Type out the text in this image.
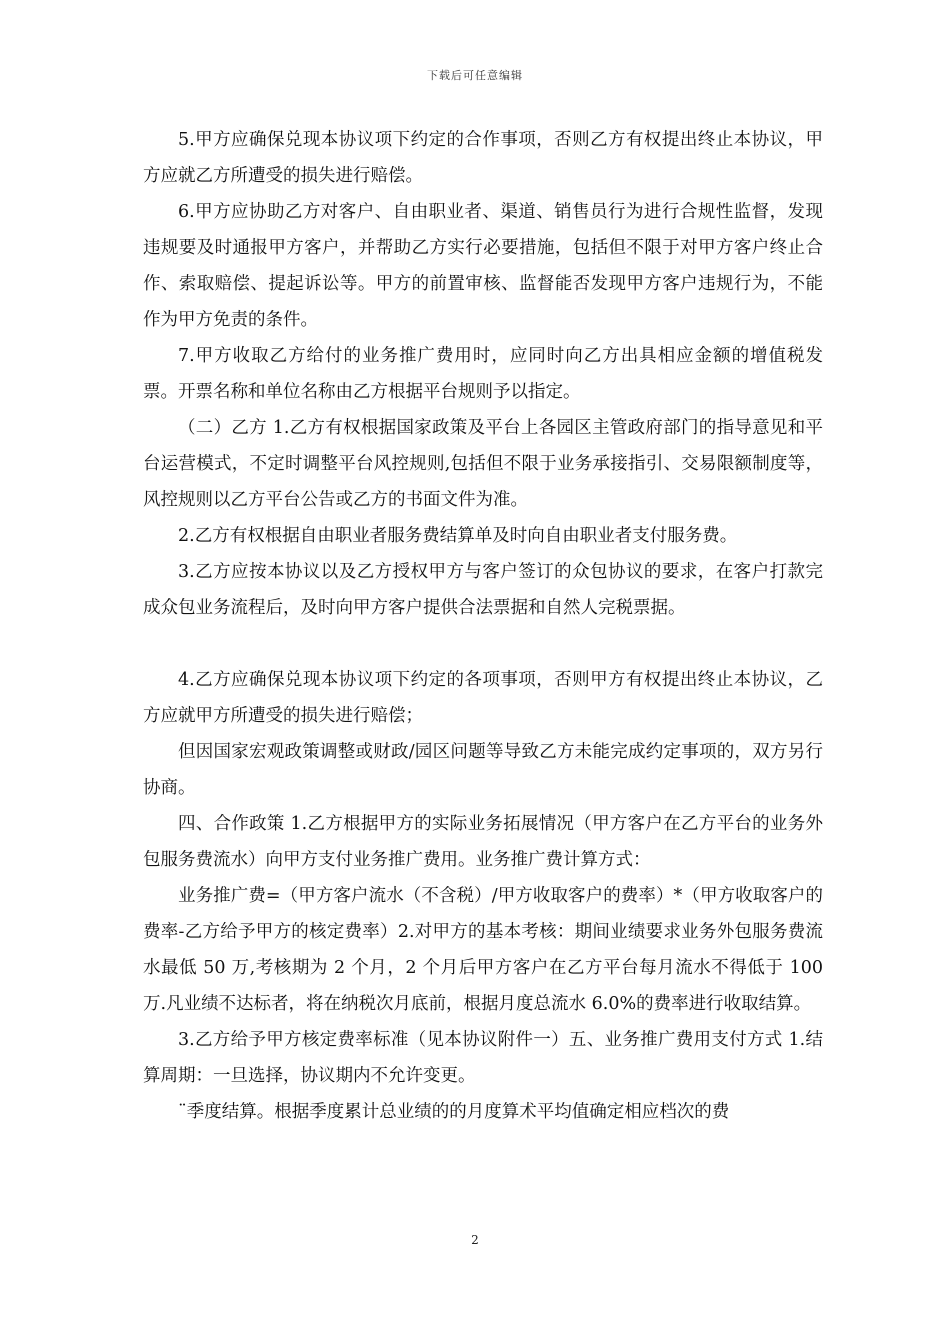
下载后可任意编辑

5.甲方应确保兑现本协议项下约定的合作事项，否则乙方有权提出终止本协议，甲方应就乙方所遭受的损失进行赔偿。

6.甲方应协助乙方对客户、自由职业者、渠道、销售员行为进行合规性监督，发现违规要及时通报甲方客户，并帮助乙方实行必要措施，包括但不限于对甲方客户终止合作、索取赔偿、提起诉讼等。甲方的前置审核、监督能否发现甲方客户违规行为，不能作为甲方免责的条件。

7.甲方收取乙方给付的业务推广费用时，应同时向乙方出具相应金额的增值税发票。开票名称和单位名称由乙方根据平台规则予以指定。

（二）乙方 1.乙方有权根据国家政策及平台上各园区主管政府部门的指导意见和平台运营模式，不定时调整平台风控规则,包括但不限于业务承接指引、交易限额制度等，风控规则以乙方平台公告或乙方的书面文件为准。

2.乙方有权根据自由职业者服务费结算单及时向自由职业者支付服务费。

3.乙方应按本协议以及乙方授权甲方与客户签订的众包协议的要求，在客户打款完成众包业务流程后，及时向甲方客户提供合法票据和自然人完税票据。

4.乙方应确保兑现本协议项下约定的各项事项，否则甲方有权提出终止本协议，乙方应就甲方所遭受的损失进行赔偿；

但因国家宏观政策调整或财政/园区问题等导致乙方未能完成约定事项的，双方另行协商。

四、合作政策 1.乙方根据甲方的实际业务拓展情况（甲方客户在乙方平台的业务外包服务费流水）向甲方支付业务推广费用。业务推广费计算方式：

业务推广费=（甲方客户流水（不含税）/甲方收取客户的费率）*（甲方收取客户的费率-乙方给予甲方的核定费率）2.对甲方的基本考核：期间业绩要求业务外包服务费流水最低 50 万,考核期为 2 个月，2 个月后甲方客户在乙方平台每月流水不得低于 100 万.凡业绩不达标者，将在纳税次月底前，根据月度总流水 6.0%的费率进行收取结算。

3.乙方给予甲方核定费率标准（见本协议附件一）五、业务推广费用支付方式 1.结算周期：一旦选择，协议期内不允许变更。

¨季度结算。根据季度累计总业绩的的月度算术平均值确定相应档次的费

2
